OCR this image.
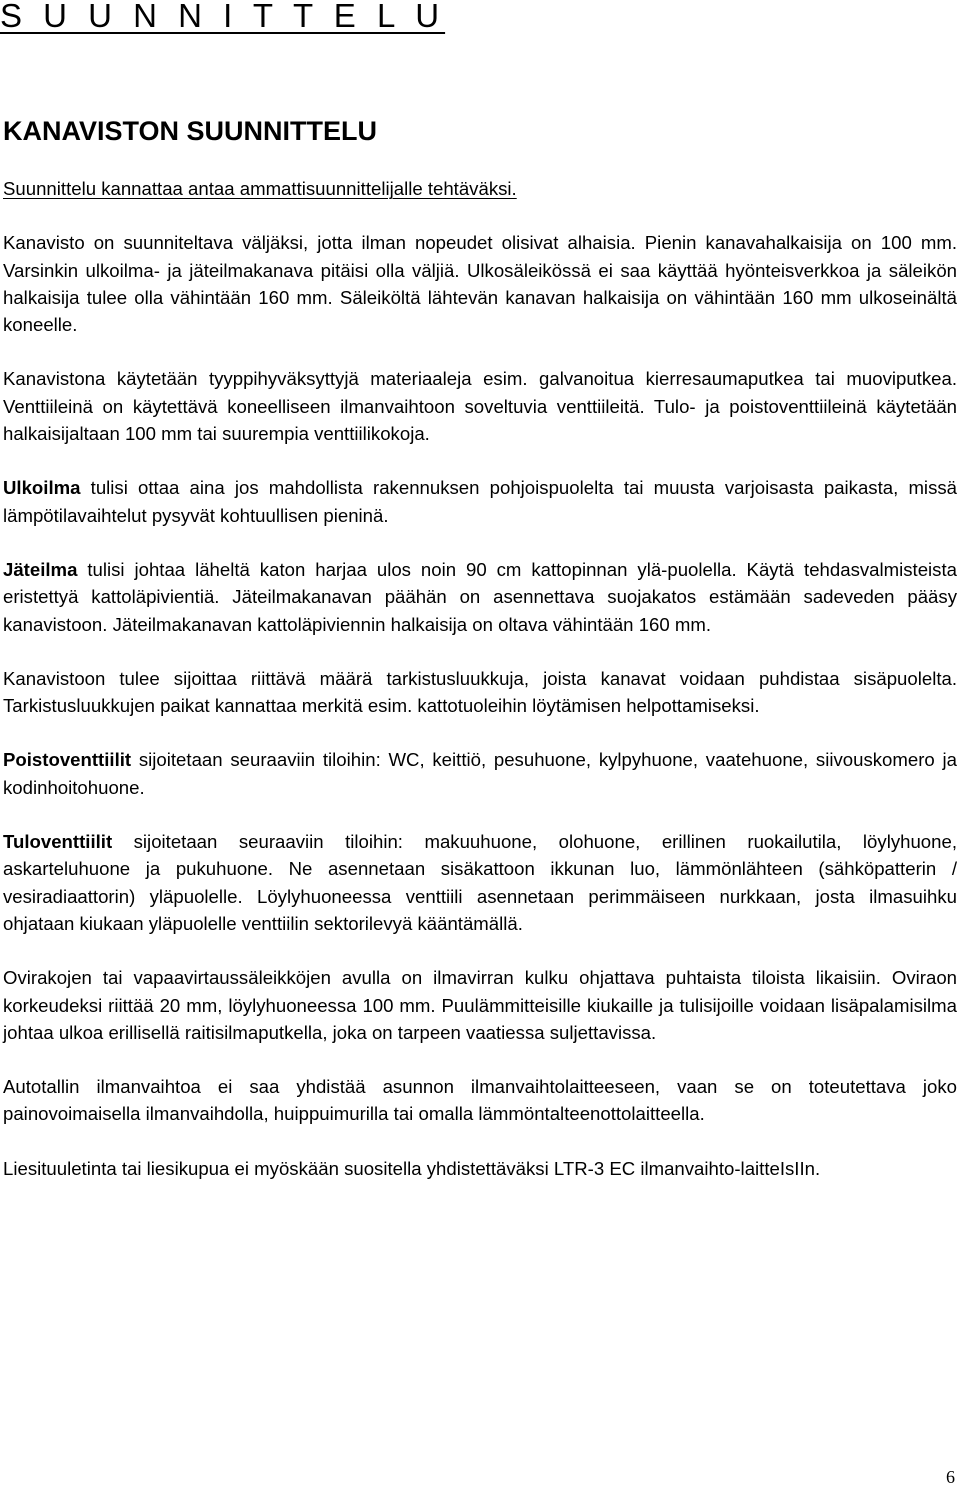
S U U N N I T T E L U
KANAVISTON SUUNNITTELU

Suunnittelu kannattaa antaa ammattisuunnittelijalle tehtäväksi.

Kanavisto on suunniteltava väljäksi, jotta ilman nopeudet olisivat alhaisia. Pienin kanavahalkaisija on 100 mm. Varsinkin ulkoilma- ja jäteilmakanava pitäisi olla väljiä. Ulkosäleikössä ei saa käyttää hyönteisverkkoa ja säleikön halkaisija tulee olla vähintään 160 mm. Säleiköltä lähtevän kanavan halkaisija on vähintään 160 mm ulkoseinältä koneelle.

Kanavistona käytetään tyyppihyväksyttyjä materiaaleja esim. galvanoitua kierresaumaputkea tai muoviputkea. Venttiileinä on käytettävä koneelliseen ilmanvaihtoon soveltuvia venttiileitä. Tulo- ja poistoventtiileinä käytetään halkaisijaltaan 100 mm tai suurempia venttiilikokoja.

Ulkoilma tulisi ottaa aina jos mahdollista rakennuksen pohjoispuolelta tai muusta varjoisasta paikasta, missä lämpötilavaihtelut pysyvät kohtuullisen pieninä.

Jäteilma tulisi johtaa läheltä katon harjaa ulos noin 90 cm kattopinnan ylä-puolella. Käytä tehdasvalmisteista eristettyä kattoläpivientiä. Jäteilmakanavan päähän on asennettava suojakatos estämään sadeveden pääsy kanavistoon. Jäteilmakanavan kattoläpiviennin halkaisija on oltava vähintään 160 mm.

Kanavistoon tulee sijoittaa riittävä määrä tarkistusluukkuja, joista kanavat voidaan puhdistaa sisäpuolelta. Tarkistusluukkujen paikat kannattaa merkitä esim. kattotuoleihin löytämisen helpottamiseksi.

Poistoventtiilit sijoitetaan seuraaviin tiloihin: WC, keittiö, pesuhuone, kylpyhuone, vaatehuone, siivouskomero ja kodinhoitohuone.

Tuloventtiilit sijoitetaan seuraaviin tiloihin: makuuhuone, olohuone, erillinen ruokailutila, löylyhuone, askarteluhuone ja pukuhuone. Ne asennetaan sisäkattoon ikkunan luo, lämmönlähteen (sähköpatterin / vesiradiaattorin) yläpuolelle. Löylyhuoneessa venttiili asennetaan perimmäiseen nurkkaan, josta ilmasuihku ohjataan kiukaan yläpuolelle venttiilin sektorilevyä kääntämällä.

Ovirakojen tai vapaavirtaussäleikköjen avulla on ilmavirran kulku ohjattava puhtaista tiloista likaisiin. Oviraon korkeudeksi riittää 20 mm, löylyhuoneessa 100 mm. Puulämmitteisille kiukaille ja tulisijoille voidaan lisäpalamisilma johtaa ulkoa erillisellä raitisilmaputkella, joka on tarpeen vaatiessa suljettavissa.

Autotallin ilmanvaihtoa ei saa yhdistää asunnon ilmanvaihtolaitteeseen, vaan se on toteutettava joko painovoimaisella ilmanvaihdolla, huippuimurilla tai omalla lämmöntalteenottolaitteella.

Liesituuletinta tai liesikupua ei myöskään suositella yhdistettäväksi LTR-3 EC ilmanvaihto-laitteIsIIn.

6
